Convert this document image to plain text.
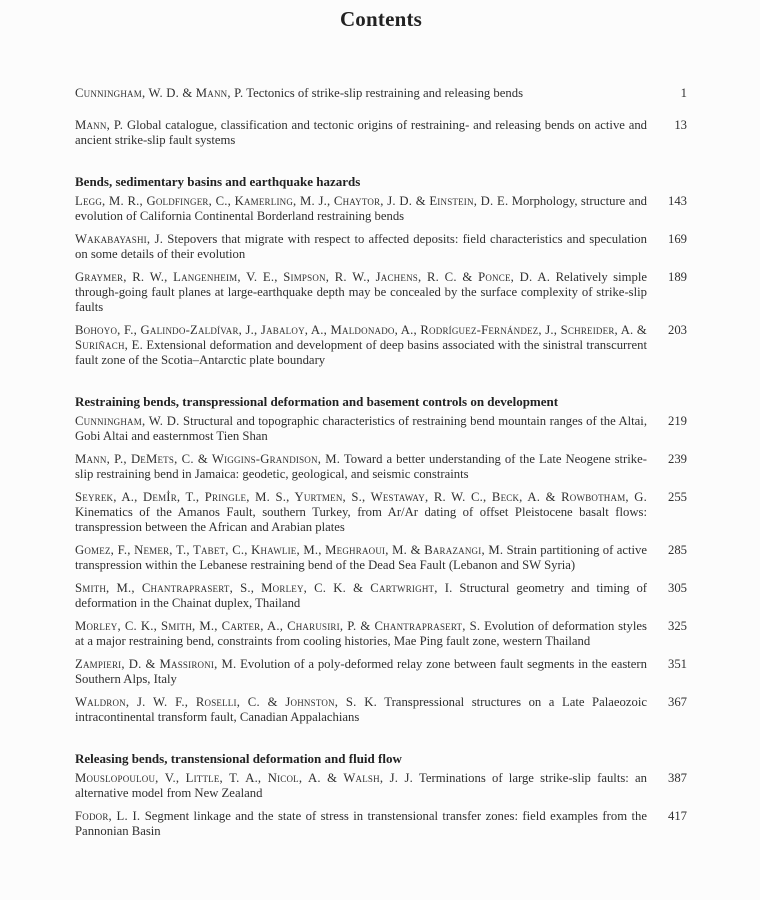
Contents
Cunningham, W. D. & Mann, P. Tectonics of strike-slip restraining and releasing bends	1
Mann, P. Global catalogue, classification and tectonic origins of restraining- and releasing bends on active and ancient strike-slip fault systems
13
Bends, sedimentary basins and earthquake hazards
Legg, M. R., Goldfinger, C., Kamerling, M. J., Chaytor, J. D. & Einstein, D. E. Morphology, structure and evolution of California Continental Borderland restraining bends
143
Wakabayashi, J. Stepovers that migrate with respect to affected deposits: field characteristics and speculation on some details of their evolution
169
Graymer, R. W., Langenheim, V. E., Simpson, R. W., Jachens, R. C. & Ponce, D. A. Relatively simple through-going fault planes at large-earthquake depth may be concealed by the surface complexity of strike-slip faults
189
Bohoyo, F., Galindo-Zaldívar, J., Jabaloy, A., Maldonado, A., Rodríguez-Fernández, J., Schreider, A. & Suriñach, E. Extensional deformation and development of deep basins associated with the sinistral transcurrent fault zone of the Scotia–Antarctic plate boundary
203
Restraining bends, transpressional deformation and basement controls on development
Cunningham, W. D. Structural and topographic characteristics of restraining bend mountain ranges of the Altai, Gobi Altai and easternmost Tien Shan
219
Mann, P., DeMets, C. & Wiggins-Grandison, M. Toward a better understanding of the Late Neogene strike-slip restraining bend in Jamaica: geodetic, geological, and seismic constraints
239
Seyrek, A., Demİr, T., Pringle, M. S., Yurtmen, S., Westaway, R. W. C., Beck, A. & Rowbotham, G. Kinematics of the Amanos Fault, southern Turkey, from Ar/Ar dating of offset Pleistocene basalt flows: transpression between the African and Arabian plates
255
Gomez, F., Nemer, T., Tabet, C., Khawlie, M., Meghraoui, M. & Barazangi, M. Strain partitioning of active transpression within the Lebanese restraining bend of the Dead Sea Fault (Lebanon and SW Syria)
285
Smith, M., Chantraprasert, S., Morley, C. K. & Cartwright, I. Structural geometry and timing of deformation in the Chainat duplex, Thailand
305
Morley, C. K., Smith, M., Carter, A., Charusiri, P. & Chantraprasert, S. Evolution of deformation styles at a major restraining bend, constraints from cooling histories, Mae Ping fault zone, western Thailand
325
Zampieri, D. & Massironi, M. Evolution of a poly-deformed relay zone between fault segments in the eastern Southern Alps, Italy
351
Waldron, J. W. F., Roselli, C. & Johnston, S. K. Transpressional structures on a Late Palaeozoic intracontinental transform fault, Canadian Appalachians
367
Releasing bends, transtensional deformation and fluid flow
Mouslopoulou, V., Little, T. A., Nicol, A. & Walsh, J. J. Terminations of large strike-slip faults: an alternative model from New Zealand
387
Fodor, L. I. Segment linkage and the state of stress in transtensional transfer zones: field examples from the Pannonian Basin
417
